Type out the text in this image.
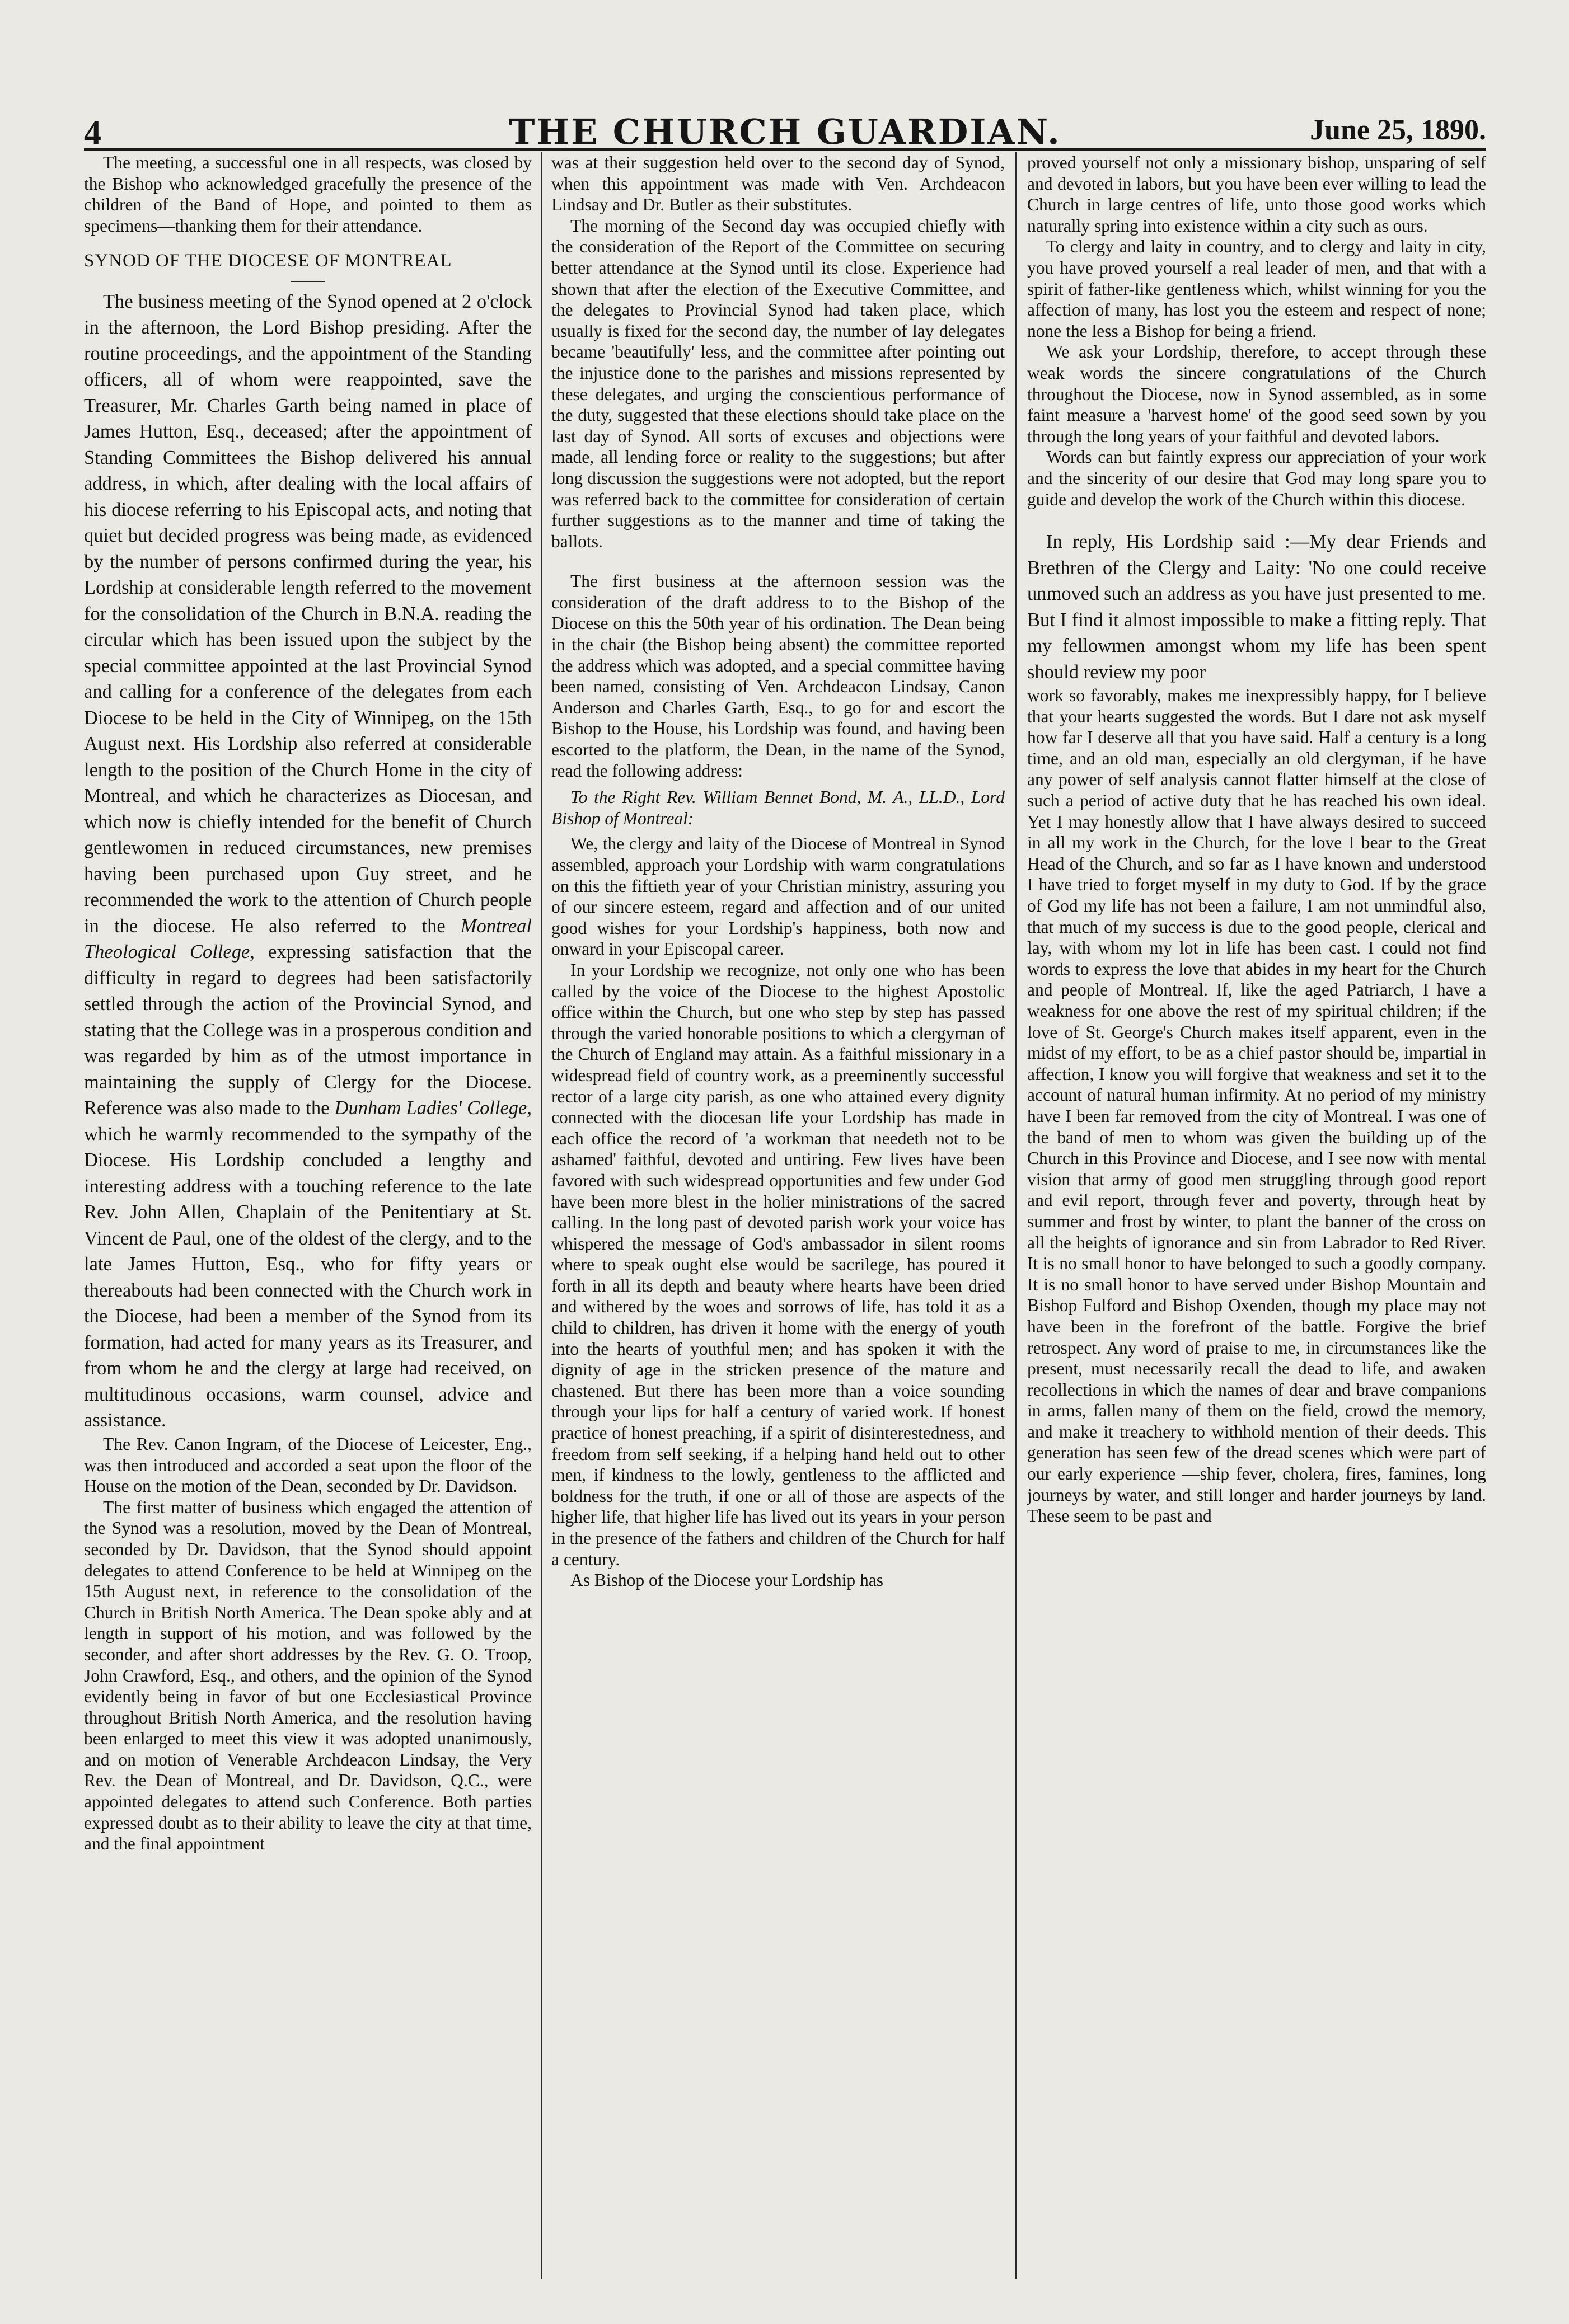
4	THE CHURCH GUARDIAN.	June 25, 1890.

The meeting, a successful one in all respects, was closed by the Bishop who acknowledged gracefully the presence of the children of the Band of Hope, and pointed to them as specimens—thanking them for their attendance.

SYNOD OF THE DIOCESE OF MONTREAL

The business meeting of the Synod opened at 2 o'clock in the afternoon, the Lord Bishop presiding. After the routine proceedings, and the appointment of the Standing officers, all of whom were reappointed, save the Treasurer, Mr. Charles Garth being named in place of James Hutton, Esq., deceased; after the appointment of Standing Committees the Bishop delivered his annual address, in which, after dealing with the local affairs of his diocese referring to his Episcopal acts, and noting that quiet but decided progress was being made, as evidenced by the number of persons confirmed during the year, his Lordship at considerable length referred to the movement for the consolidation of the Church in B.N.A. reading the circular which has been issued upon the subject by the special committee appointed at the last Provincial Synod and calling for a conference of the delegates from each Diocese to be held in the City of Winnipeg, on the 15th August next. His Lordship also referred at considerable length to the position of the Church Home in the city of Montreal, and which he characterizes as Diocesan, and which now is chiefly intended for the benefit of Church gentlewomen in reduced circumstances, new premises having been purchased upon Guy street, and he recommended the work to the attention of Church people in the diocese. He also referred to the Montreal Theological College, expressing satisfaction that the difficulty in regard to degrees had been satisfactorily settled through the action of the Provincial Synod, and stating that the College was in a prosperous condition and was regarded by him as of the utmost importance in maintaining the supply of Clergy for the Diocese. Reference was also made to the Dunham Ladies' College, which he warmly recommended to the sympathy of the Diocese. His Lordship concluded a lengthy and interesting address with a touching reference to the late Rev. John Allen, Chaplain of the Penitentiary at St. Vincent de Paul, one of the oldest of the clergy, and to the late James Hutton, Esq., who for fifty years or thereabouts had been connected with the Church work in the Diocese, had been a member of the Synod from its formation, had acted for many years as its Treasurer, and from whom he and the clergy at large had received, on multitudinous occasions, warm counsel, advice and assistance.

The Rev. Canon Ingram, of the Diocese of Leicester, Eng., was then introduced and accorded a seat upon the floor of the House on the motion of the Dean, seconded by Dr. Davidson.

The first matter of business which engaged the attention of the Synod was a resolution, moved by the Dean of Montreal, seconded by Dr. Davidson, that the Synod should appoint delegates to attend Conference to be held at Winnipeg on the 15th August next, in reference to the consolidation of the Church in British North America. The Dean spoke ably and at length in support of his motion, and was followed by the seconder, and after short addresses by the Rev. G. O. Troop, John Crawford, Esq., and others, and the opinion of the Synod evidently being in favor of but one Ecclesiastical Province throughout British North America, and the resolution having been enlarged to meet this view it was adopted unanimously, and on motion of Venerable Archdeacon Lindsay, the Very Rev. the Dean of Montreal, and Dr. Davidson, Q.C., were appointed delegates to attend such Conference. Both parties expressed doubt as to their ability to leave the city at that time, and the final appointment

was at their suggestion held over to the second day of Synod, when this appointment was made with Ven. Archdeacon Lindsay and Dr. Butler as their substitutes.

The morning of the Second day was occupied chiefly with the consideration of the Report of the Committee on securing better attendance at the Synod until its close. Experience had shown that after the election of the Executive Committee, and the delegates to Provincial Synod had taken place, which usually is fixed for the second day, the number of lay delegates became 'beautifully' less, and the committee after pointing out the injustice done to the parishes and missions represented by these delegates, and urging the conscientious performance of the duty, suggested that these elections should take place on the last day of Synod. All sorts of excuses and objections were made, all lending force or reality to the suggestions; but after long discussion the suggestions were not adopted, but the report was referred back to the committee for consideration of certain further suggestions as to the manner and time of taking the ballots.

The first business at the afternoon session was the consideration of the draft address to to the Bishop of the Diocese on this the 50th year of his ordination. The Dean being in the chair (the Bishop being absent) the committee reported the address which was adopted, and a special committee having been named, consisting of Ven. Archdeacon Lindsay, Canon Anderson and Charles Garth, Esq., to go for and escort the Bishop to the House, his Lordship was found, and having been escorted to the platform, the Dean, in the name of the Synod, read the following address:

To the Right Rev. William Bennet Bond, M. A., LL.D., Lord Bishop of Montreal:

We, the clergy and laity of the Diocese of Montreal in Synod assembled, approach your Lordship with warm congratulations on this the fiftieth year of your Christian ministry, assuring you of our sincere esteem, regard and affection and of our united good wishes for your Lordship's happiness, both now and onward in your Episcopal career.

In your Lordship we recognize, not only one who has been called by the voice of the Diocese to the highest Apostolic office within the Church, but one who step by step has passed through the varied honorable positions to which a clergyman of the Church of England may attain. As a faithful missionary in a widespread field of country work, as a preeminently successful rector of a large city parish, as one who attained every dignity connected with the diocesan life your Lordship has made in each office the record of 'a workman that needeth not to be ashamed' faithful, devoted and untiring. Few lives have been favored with such widespread opportunities and few under God have been more blest in the holier ministrations of the sacred calling. In the long past of devoted parish work your voice has whispered the message of God's ambassador in silent rooms where to speak ought else would be sacrilege, has poured it forth in all its depth and beauty where hearts have been dried and withered by the woes and sorrows of life, has told it as a child to children, has driven it home with the energy of youth into the hearts of youthful men; and has spoken it with the dignity of age in the stricken presence of the mature and chastened. But there has been more than a voice sounding through your lips for half a century of varied work. If honest practice of honest preaching, if a spirit of disinterestedness, and freedom from self seeking, if a helping hand held out to other men, if kindness to the lowly, gentleness to the afflicted and boldness for the truth, if one or all of those are aspects of the higher life, that higher life has lived out its years in your person in the presence of the fathers and children of the Church for half a century.

As Bishop of the Diocese your Lordship has

proved yourself not only a missionary bishop, unsparing of self and devoted in labors, but you have been ever willing to lead the Church in large centres of life, unto those good works which naturally spring into existence within a city such as ours.

To clergy and laity in country, and to clergy and laity in city, you have proved yourself a real leader of men, and that with a spirit of father-like gentleness which, whilst winning for you the affection of many, has lost you the esteem and respect of none; none the less a Bishop for being a friend.

We ask your Lordship, therefore, to accept through these weak words the sincere congratulations of the Church throughout the Diocese, now in Synod assembled, as in some faint measure a 'harvest home' of the good seed sown by you through the long years of your faithful and devoted labors.

Words can but faintly express our appreciation of your work and the sincerity of our desire that God may long spare you to guide and develop the work of the Church within this diocese.

In reply, His Lordship said :—My dear Friends and Brethren of the Clergy and Laity: 'No one could receive unmoved such an address as you have just presented to me. But I find it almost impossible to make a fitting reply. That my fellowmen amongst whom my life has been spent should review my poor

work so favorably, makes me inexpressibly happy, for I believe that your hearts suggested the words. But I dare not ask myself how far I deserve all that you have said. Half a century is a long time, and an old man, especially an old clergyman, if he have any power of self analysis cannot flatter himself at the close of such a period of active duty that he has reached his own ideal. Yet I may honestly allow that I have always desired to succeed in all my work in the Church, for the love I bear to the Great Head of the Church, and so far as I have known and understood I have tried to forget myself in my duty to God. If by the grace of God my life has not been a failure, I am not unmindful also, that much of my success is due to the good people, clerical and lay, with whom my lot in life has been cast. I could not find words to express the love that abides in my heart for the Church and people of Montreal. If, like the aged Patriarch, I have a weakness for one above the rest of my spiritual children; if the love of St. George's Church makes itself apparent, even in the midst of my effort, to be as a chief pastor should be, impartial in affection, I know you will forgive that weakness and set it to the account of natural human infirmity. At no period of my ministry have I been far removed from the city of Montreal. I was one of the band of men to whom was given the building up of the Church in this Province and Diocese, and I see now with mental vision that army of good men struggling through good report and evil report, through fever and poverty, through heat by summer and frost by winter, to plant the banner of the cross on all the heights of ignorance and sin from Labrador to Red River. It is no small honor to have belonged to such a goodly company. It is no small honor to have served under Bishop Mountain and Bishop Fulford and Bishop Oxenden, though my place may not have been in the forefront of the battle. Forgive the brief retrospect. Any word of praise to me, in circumstances like the present, must necessarily recall the dead to life, and awaken recollections in which the names of dear and brave companions in arms, fallen many of them on the field, crowd the memory, and make it treachery to withhold mention of their deeds. This generation has seen few of the dread scenes which were part of our early experience —ship fever, cholera, fires, famines, long journeys by water, and still longer and harder journeys by land. These seem to be past and
